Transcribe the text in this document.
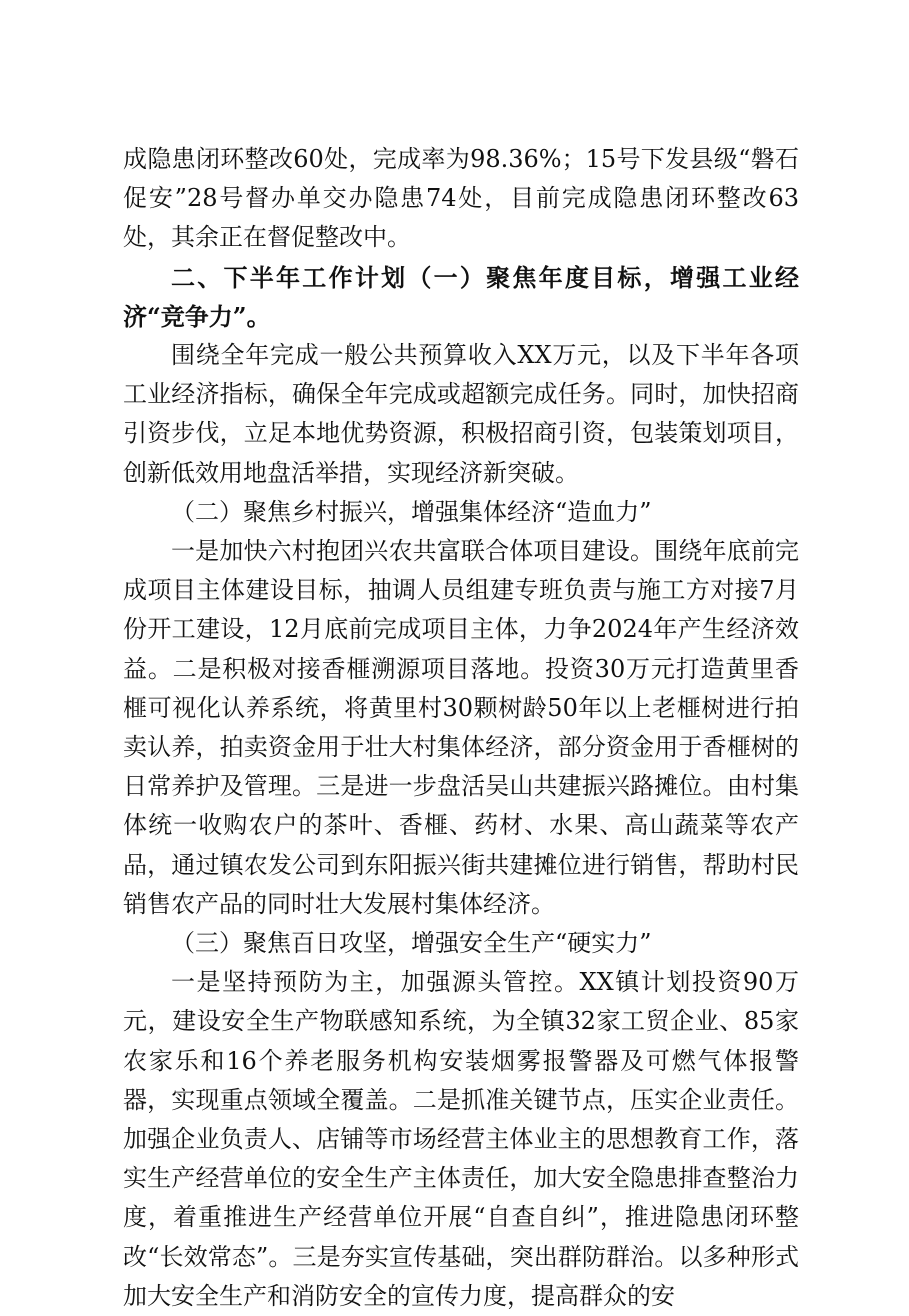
成隐患闭环整改60处，完成率为98.36%；15号下发县级“磐石促安”28号督办单交办隐患74处，目前完成隐患闭环整改63处，其余正在督促整改中。

二、下半年工作计划（一）聚焦年度目标，增强工业经济“竞争力”。

围绕全年完成一般公共预算收入XX万元，以及下半年各项工业经济指标，确保全年完成或超额完成任务。同时，加快招商引资步伐，立足本地优势资源，积极招商引资，包装策划项目，创新低效用地盘活举措，实现经济新突破。

（二）聚焦乡村振兴，增强集体经济“造血力”

一是加快六村抱团兴农共富联合体项目建设。围绕年底前完成项目主体建设目标，抽调人员组建专班负责与施工方对接7月份开工建设，12月底前完成项目主体，力争2024年产生经济效益。二是积极对接香榧溯源项目落地。投资30万元打造黄里香榧可视化认养系统，将黄里村30颗树龄50年以上老榧树进行拍卖认养，拍卖资金用于壮大村集体经济，部分资金用于香榧树的日常养护及管理。三是进一步盘活吴山共建振兴路摊位。由村集体统一收购农户的茶叶、香榧、药材、水果、高山蔬菜等农产品，通过镇农发公司到东阳振兴街共建摊位进行销售，帮助村民销售农产品的同时壮大发展村集体经济。

（三）聚焦百日攻坚，增强安全生产“硬实力”

一是坚持预防为主，加强源头管控。XX镇计划投资90万元，建设安全生产物联感知系统，为全镇32家工贸企业、85家农家乐和16个养老服务机构安装烟雾报警器及可燃气体报警器，实现重点领域全覆盖。二是抓准关键节点，压实企业责任。加强企业负责人、店铺等市场经营主体业主的思想教育工作，落实生产经营单位的安全生产主体责任，加大安全隐患排查整治力度，着重推进生产经营单位开展“自查自纠”，推进隐患闭环整改“长效常态”。三是夯实宣传基础，突出群防群治。以多种形式加大安全生产和消防安全的宣传力度，提高群众的安
